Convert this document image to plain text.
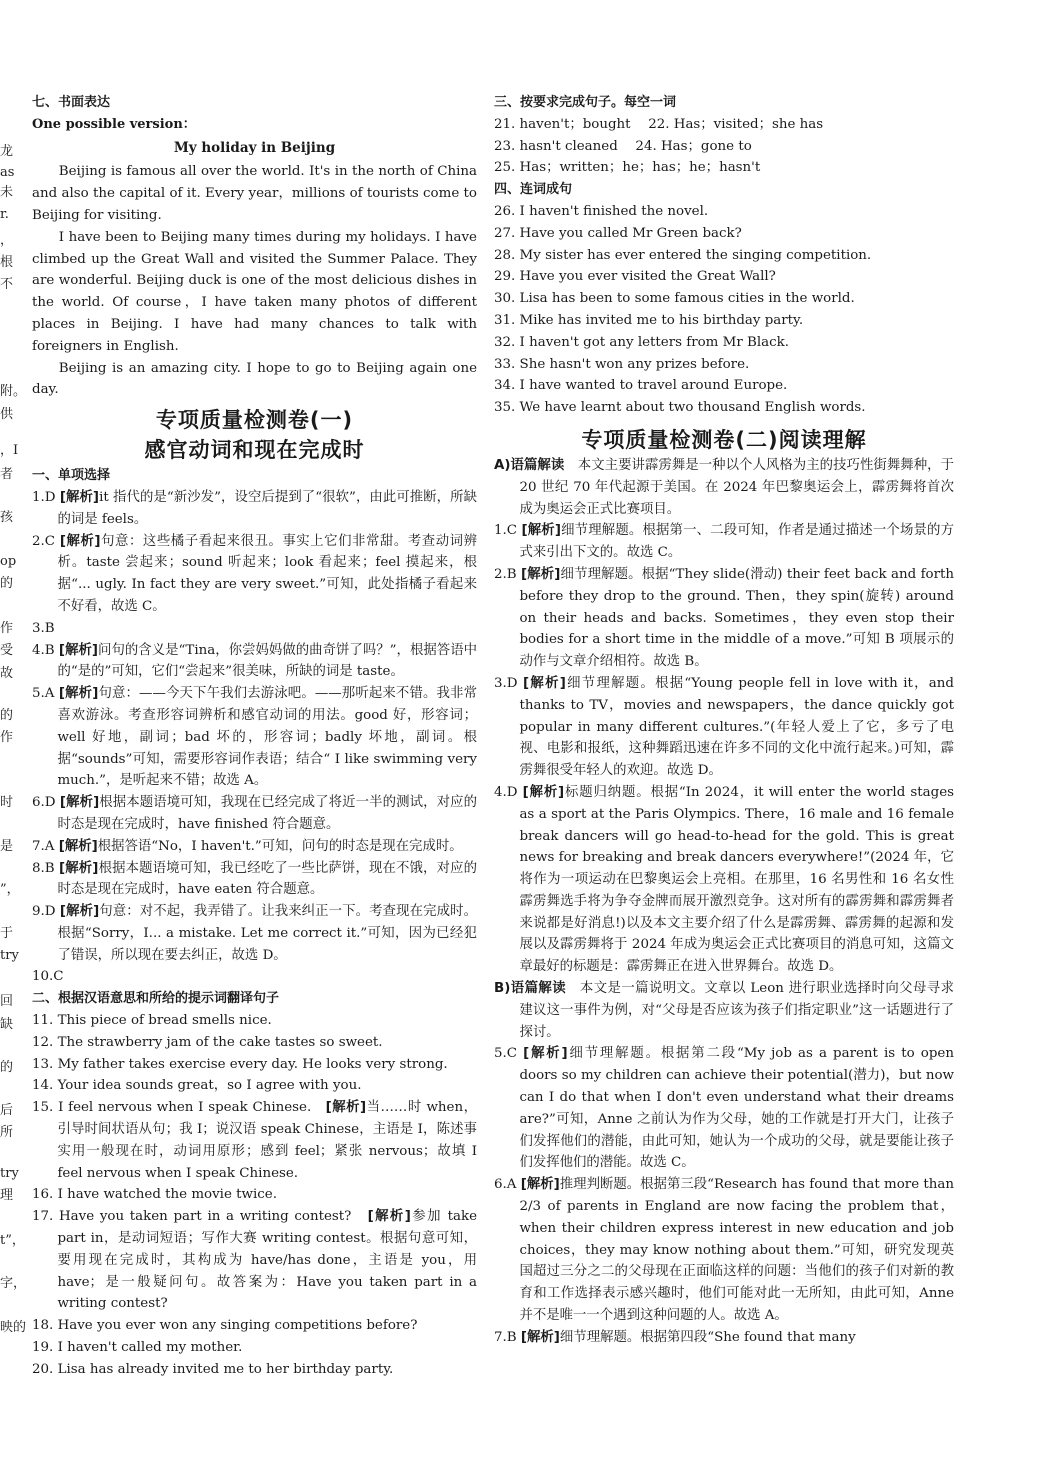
龙
as
未
r.
，
根
不
附。
供
，I
者
孩
op
的
作
受
故
的
作
时
是
”，
于
try
回
缺
的
后
所
try
理
t”，
字，
映的
七、书面表达
One possible version：
My holiday in Beijing
Beijing is famous all over the world. It's in the north of China and also the capital of it. Every year，millions of tourists come to Beijing for visiting.
I have been to Beijing many times during my holidays. I have climbed up the Great Wall and visited the Summer Palace. They are wonderful. Beijing duck is one of the most delicious dishes in the world. Of course，I have taken many photos of different places in Beijing. I have had many chances to talk with foreigners in English.
Beijing is an amazing city. I hope to go to Beijing again one day.
专项质量检测卷(一)
感官动词和现在完成时
一、单项选择
1.D [解析]it 指代的是“新沙发”，设空后提到了“很软”，由此可推断，所缺的词是 feels。
2.C [解析]句意：这些橘子看起来很丑。事实上它们非常甜。考查动词辨析。taste 尝起来；sound 听起来；look 看起来；feel 摸起来，根据“... ugly. In fact they are very sweet.”可知，此处指橘子看起来不好看，故选 C。
3.B
4.B [解析]问句的含义是“Tina，你尝妈妈做的曲奇饼了吗？”，根据答语中的“是的”可知，它们“尝起来”很美味，所缺的词是 taste。
5.A [解析]句意：——今天下午我们去游泳吧。——那听起来不错。我非常喜欢游泳。考查形容词辨析和感官动词的用法。good 好，形容词；well 好地，副词；bad 坏的，形容词；badly 坏地，副词。根据“sounds”可知，需要形容词作表语；结合“ I like swimming very much.”，是听起来不错；故选 A。
6.D [解析]根据本题语境可知，我现在已经完成了将近一半的测试，对应的时态是现在完成时，have finished 符合题意。
7.A [解析]根据答语“No，I haven't.”可知，问句的时态是现在完成时。
8.B [解析]根据本题语境可知，我已经吃了一些比萨饼，现在不饿，对应的时态是现在完成时，have eaten 符合题意。
9.D [解析]句意：对不起，我弄错了。让我来纠正一下。考查现在完成时。根据“Sorry，I... a mistake. Let me correct it.”可知，因为已经犯了错误，所以现在要去纠正，故选 D。
10.C
二、根据汉语意思和所给的提示词翻译句子
11. This piece of bread smells nice.
12. The strawberry jam of the cake tastes so sweet.
13. My father takes exercise every day. He looks very strong.
14. Your idea sounds great，so I agree with you.
15. I feel nervous when I speak Chinese.　 [解析]当……时 when，引导时间状语从句；我 I；说汉语 speak Chinese，主语是 I，陈述事实用一般现在时，动词用原形；感到 feel；紧张 nervous；故填 I feel nervous when I speak Chinese.
16. I have watched the movie twice.
17. Have you taken part in a writing contest?　 [解析]参加 take part in，是动词短语；写作大赛 writing contest。根据句意可知，要用现在完成时，其构成为 have/has done，主语是 you，用 have；是一般疑问句。故答案为：Have you taken part in a writing contest?
18. Have you ever won any singing competitions before?
19. I haven't called my mother.
20. Lisa has already invited me to her birthday party.
三、按要求完成句子。每空一词
21. haven't；bought　 22. Has；visited；she has
23. hasn't cleaned　 24. Has；gone to
25. Has；written；he；has；he；hasn't
四、连词成句
26. I haven't finished the novel.
27. Have you called Mr Green back?
28. My sister has ever entered the singing competition.
29. Have you ever visited the Great Wall?
30. Lisa has been to some famous cities in the world.
31. Mike has invited me to his birthday party.
32. I haven't got any letters from Mr Black.
33. She hasn't won any prizes before.
34. I have wanted to travel around Europe.
35. We have learnt about two thousand English words.
专项质量检测卷(二)阅读理解
A)语篇解读　 本文主要讲霹雳舞是一种以个人风格为主的技巧性街舞舞种，于 20 世纪 70 年代起源于美国。在 2024 年巴黎奥运会上，霹雳舞将首次成为奥运会正式比赛项目。
1.C [解析]细节理解题。根据第一、二段可知，作者是通过描述一个场景的方式来引出下文的。故选 C。
2.B [解析]细节理解题。根据“They slide(滑动) their feet back and forth before they drop to the ground. Then，they spin(旋转) around on their heads and backs. Sometimes，they even stop their bodies for a short time in the middle of a move.”可知 B 项展示的动作与文章介绍相符。故选 B。
3.D [解析]细节理解题。根据“Young people fell in love with it，and thanks to TV，movies and newspapers，the dance quickly got popular in many different cultures.”(年轻人爱上了它，多亏了电视、电影和报纸，这种舞蹈迅速在许多不同的文化中流行起来。)可知，霹雳舞很受年轻人的欢迎。故选 D。
4.D [解析]标题归纳题。根据“In 2024，it will enter the world stages as a sport at the Paris Olympics. There，16 male and 16 female break dancers will go head-to-head for the gold. This is great news for breaking and break dancers everywhere!”(2024 年，它将作为一项运动在巴黎奥运会上亮相。在那里，16 名男性和 16 名女性霹雳舞选手将为争夺金牌而展开激烈竞争。这对所有的霹雳舞和霹雳舞者来说都是好消息!)以及本文主要介绍了什么是霹雳舞、霹雳舞的起源和发展以及霹雳舞将于 2024 年成为奥运会正式比赛项目的消息可知，这篇文章最好的标题是：霹雳舞正在进入世界舞台。故选 D。
B)语篇解读　 本文是一篇说明文。文章以 Leon 进行职业选择时向父母寻求建议这一事件为例，对“父母是否应该为孩子们指定职业”这一话题进行了探讨。
5.C [解析]细节理解题。根据第二段“My job as a parent is to open doors so my children can achieve their potential(潜力)，but now can I do that when I don't even understand what their dreams are?”可知，Anne 之前认为作为父母，她的工作就是打开大门，让孩子们发挥他们的潜能，由此可知，她认为一个成功的父母，就是要能让孩子们发挥他们的潜能。故选 C。
6.A [解析]推理判断题。根据第三段“Research has found that more than 2/3 of parents in England are now facing the problem that，when their children express interest in new education and job choices，they may know nothing about them.”可知，研究发现英国超过三分之二的父母现在正面临这样的问题：当他们的孩子们对新的教育和工作选择表示感兴趣时，他们可能对此一无所知，由此可知，Anne 并不是唯一一个遇到这种问题的人。故选 A。
7.B [解析]细节理解题。根据第四段“She found that many
